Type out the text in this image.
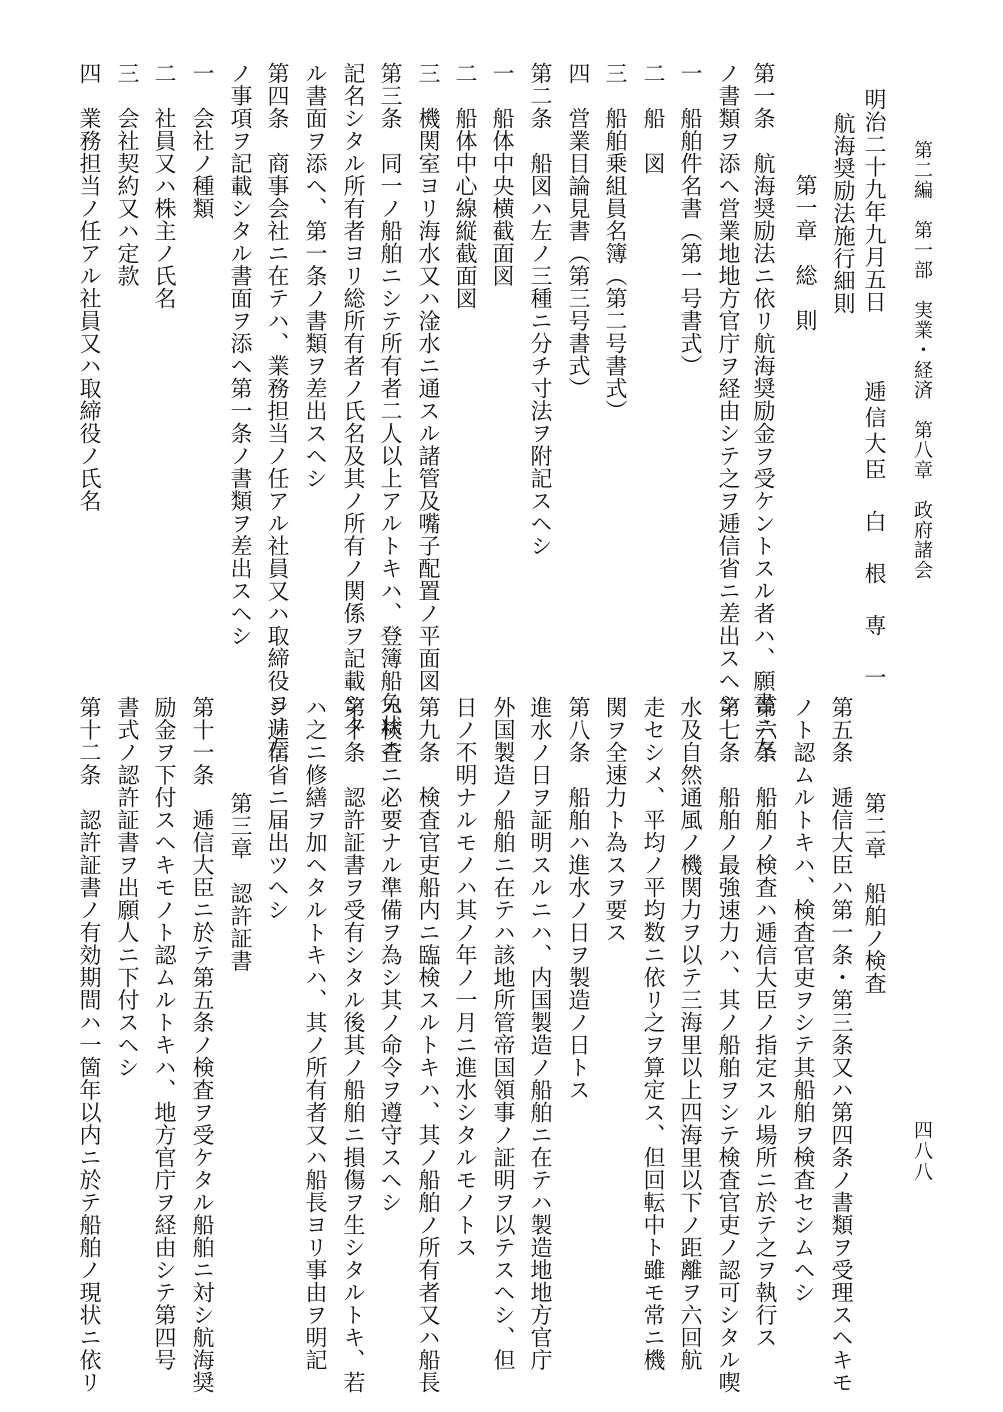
第二編　第一部　実業・経済　第八章　政府諸会
四八八
明治二十九年九月五日
逓信大臣　白　根　専　一
航海奨励法施行細則
第一章　総　則
第一条　航海奨励法ニ依リ航海奨励金ヲ受ケントスル者ハ、願書ニ左
ノ書類ヲ添ヘ営業地地方官庁ヲ経由シテ之ヲ逓信省ニ差出スヘシ
一　船舶件名書（第一号書式）
二　船　図
三　船舶乗組員名簿（第二号書式）
四　営業目論見書（第三号書式）
第二条　船図ハ左ノ三種ニ分チ寸法ヲ附記スヘシ
一　船体中央横截面図
二　船体中心線縦截面図
三　機関室ヨリ海水又ハ淦水ニ通スル諸管及嘴子配置ノ平面図
第三条　同一ノ船舶ニシテ所有者二人以上アルトキハ、登簿船免状ニ
記名シタル所有者ヨリ総所有者ノ氏名及其ノ所有ノ関係ヲ記載シタ
ル書面ヲ添ヘ、第一条ノ書類ヲ差出スヘシ
第四条　商事会社ニ在テハ、業務担当ノ任アル社員又ハ取締役ヨリ左
ノ事項ヲ記載シタル書面ヲ添ヘ第一条ノ書類ヲ差出スヘシ
一　会社ノ種類
二　社員又ハ株主ノ氏名
三　会社契約又ハ定款
四　業務担当ノ任アル社員又ハ取締役ノ氏名
第二章　船舶ノ検査
第五条　逓信大臣ハ第一条・第三条又ハ第四条ノ書類ヲ受理スヘキモ
ノト認ムルトキハ、検査官吏ヲシテ其船舶ヲ検査セシムヘシ
第六条　船舶ノ検査ハ逓信大臣ノ指定スル場所ニ於テ之ヲ執行ス
第七条　船舶ノ最強速力ハ、其ノ船舶ヲシテ検査官吏ノ認可シタル喫
水及自然通風ノ機関力ヲ以テ三海里以上四海里以下ノ距離ヲ六回航
走セシメ、平均ノ平均数ニ依リ之ヲ算定ス、但回転中ト雖モ常ニ機
関ヲ全速力ト為スヲ要ス
第八条　船舶ハ進水ノ日ヲ製造ノ日トス
進水ノ日ヲ証明スルニハ、内国製造ノ船舶ニ在テハ製造地地方官庁
外国製造ノ船舶ニ在テハ該地所管帝国領事ノ証明ヲ以テスヘシ、但
日ノ不明ナルモノハ其ノ年ノ一月ニ進水シタルモノトス
第九条　検査官吏船内ニ臨検スルトキハ、其ノ船舶ノ所有者又ハ船長
ハ検査ニ必要ナル準備ヲ為シ其ノ命令ヲ遵守スヘシ
第十条　認許証書ヲ受有シタル後其ノ船舶ニ損傷ヲ生シタルトキ、若
ハ之ニ修繕ヲ加ヘタルトキハ、其ノ所有者又ハ船長ヨリ事由ヲ明記
シ逓信省ニ届出ツヘシ
第三章　認許証書
第十一条　逓信大臣ニ於テ第五条ノ検査ヲ受ケタル船舶ニ対シ航海奨
励金ヲ下付スヘキモノト認ムルトキハ、地方官庁ヲ経由シテ第四号
書式ノ認許証書ヲ出願人ニ下付スヘシ
第十二条　認許証書ノ有効期間ハ一箇年以内ニ於テ船舶ノ現状ニ依リ
